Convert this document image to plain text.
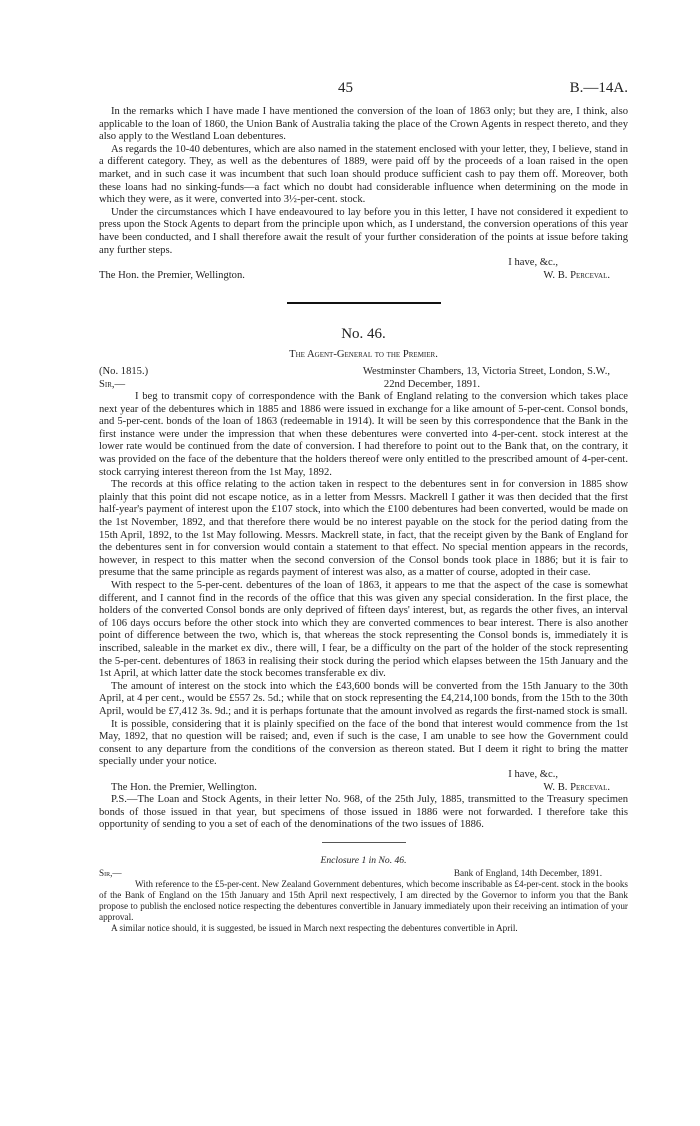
45	B.—14A.

In the remarks which I have made I have mentioned the conversion of the loan of 1863 only; but they are, I think, also applicable to the loan of 1860, the Union Bank of Australia taking the place of the Crown Agents in respect thereto, and they also apply to the Westland Loan debentures.

As regards the 10-40 debentures, which are also named in the statement enclosed with your letter, they, I believe, stand in a different category. They, as well as the debentures of 1889, were paid off by the proceeds of a loan raised in the open market, and in such case it was incumbent that such loan should produce sufficient cash to pay them off. Moreover, both these loans had no sinking-funds—a fact which no doubt had considerable influence when determining on the mode in which they were, as it were, converted into 3½-per-cent. stock.

Under the circumstances which I have endeavoured to lay before you in this letter, I have not considered it expedient to press upon the Stock Agents to depart from the principle upon which, as I understand, the conversion operations of this year have been conducted, and I shall therefore await the result of your further consideration of the points at issue before taking any further steps.

I have, &c.,

The Hon. the Premier, Wellington.	W. B. Perceval.
No. 46.
The Agent-General to the Premier.
(No. 1815.)	Westminster Chambers, 13, Victoria Street, London, S.W.,
Sir,—	22nd December, 1891.

I beg to transmit copy of correspondence with the Bank of England relating to the conversion which takes place next year of the debentures which in 1885 and 1886 were issued in exchange for a like amount of 5-per-cent. Consol bonds, and 5-per-cent. bonds of the loan of 1863 (redeemable in 1914). It will be seen by this correspondence that the Bank in the first instance were under the impression that when these debentures were converted into 4-per-cent. stock interest at the lower rate would be continued from the date of conversion. I had therefore to point out to the Bank that, on the contrary, it was provided on the face of the debenture that the holders thereof were only entitled to the prescribed amount of 4-per-cent. stock carrying interest thereon from the 1st May, 1892.

The records at this office relating to the action taken in respect to the debentures sent in for conversion in 1885 show plainly that this point did not escape notice, as in a letter from Messrs. Mackrell I gather it was then decided that the first half-year's payment of interest upon the £107 stock, into which the £100 debentures had been converted, would be made on the 1st November, 1892, and that therefore there would be no interest payable on the stock for the period dating from the 15th April, 1892, to the 1st May following. Messrs. Mackrell state, in fact, that the receipt given by the Bank of England for the debentures sent in for conversion would contain a statement to that effect. No special mention appears in the records, however, in respect to this matter when the second conversion of the Consol bonds took place in 1886; but it is fair to presume that the same principle as regards payment of interest was also, as a matter of course, adopted in their case.

With respect to the 5-per-cent. debentures of the loan of 1863, it appears to me that the aspect of the case is somewhat different, and I cannot find in the records of the office that this was given any special consideration. In the first place, the holders of the converted Consol bonds are only deprived of fifteen days' interest, but, as regards the other fives, an interval of 106 days occurs before the other stock into which they are converted commences to bear interest. There is also another point of difference between the two, which is, that whereas the stock representing the Consol bonds is, immediately it is inscribed, saleable in the market ex div., there will, I fear, be a difficulty on the part of the holder of the stock representing the 5-per-cent. debentures of 1863 in realising their stock during the period which elapses between the 15th January and the 1st April, at which latter date the stock becomes transferable ex div.

The amount of interest on the stock into which the £43,600 bonds will be converted from the 15th January to the 30th April, at 4 per cent., would be £557 2s. 5d.; while that on stock representing the £4,214,100 bonds, from the 15th to the 30th April, would be £7,412 3s. 9d.; and it is perhaps fortunate that the amount involved as regards the first-named stock is small.

It is possible, considering that it is plainly specified on the face of the bond that interest would commence from the 1st May, 1892, that no question will be raised; and, even if such is the case, I am unable to see how the Government could consent to any departure from the conditions of the conversion as thereon stated. But I deem it right to bring the matter specially under your notice.

I have, &c.,

The Hon. the Premier, Wellington.	W. B. Perceval.

P.S.—The Loan and Stock Agents, in their letter No. 968, of the 25th July, 1885, transmitted to the Treasury specimen bonds of those issued in that year, but specimens of those issued in 1886 were not forwarded. I therefore take this opportunity of sending to you a set of each of the denominations of the two issues of 1886.

Enclosure 1 in No. 46.
Sir,—	Bank of England, 14th December, 1891.

With reference to the £5-per-cent. New Zealand Government debentures, which become inscribable as £4-per-cent. stock in the books of the Bank of England on the 15th January and 15th April next respectively, I am directed by the Governor to inform you that the Bank propose to publish the enclosed notice respecting the debentures convertible in January immediately upon their receiving an intimation of your approval.

A similar notice should, it is suggested, be issued in March next respecting the debentures convertible in April.
